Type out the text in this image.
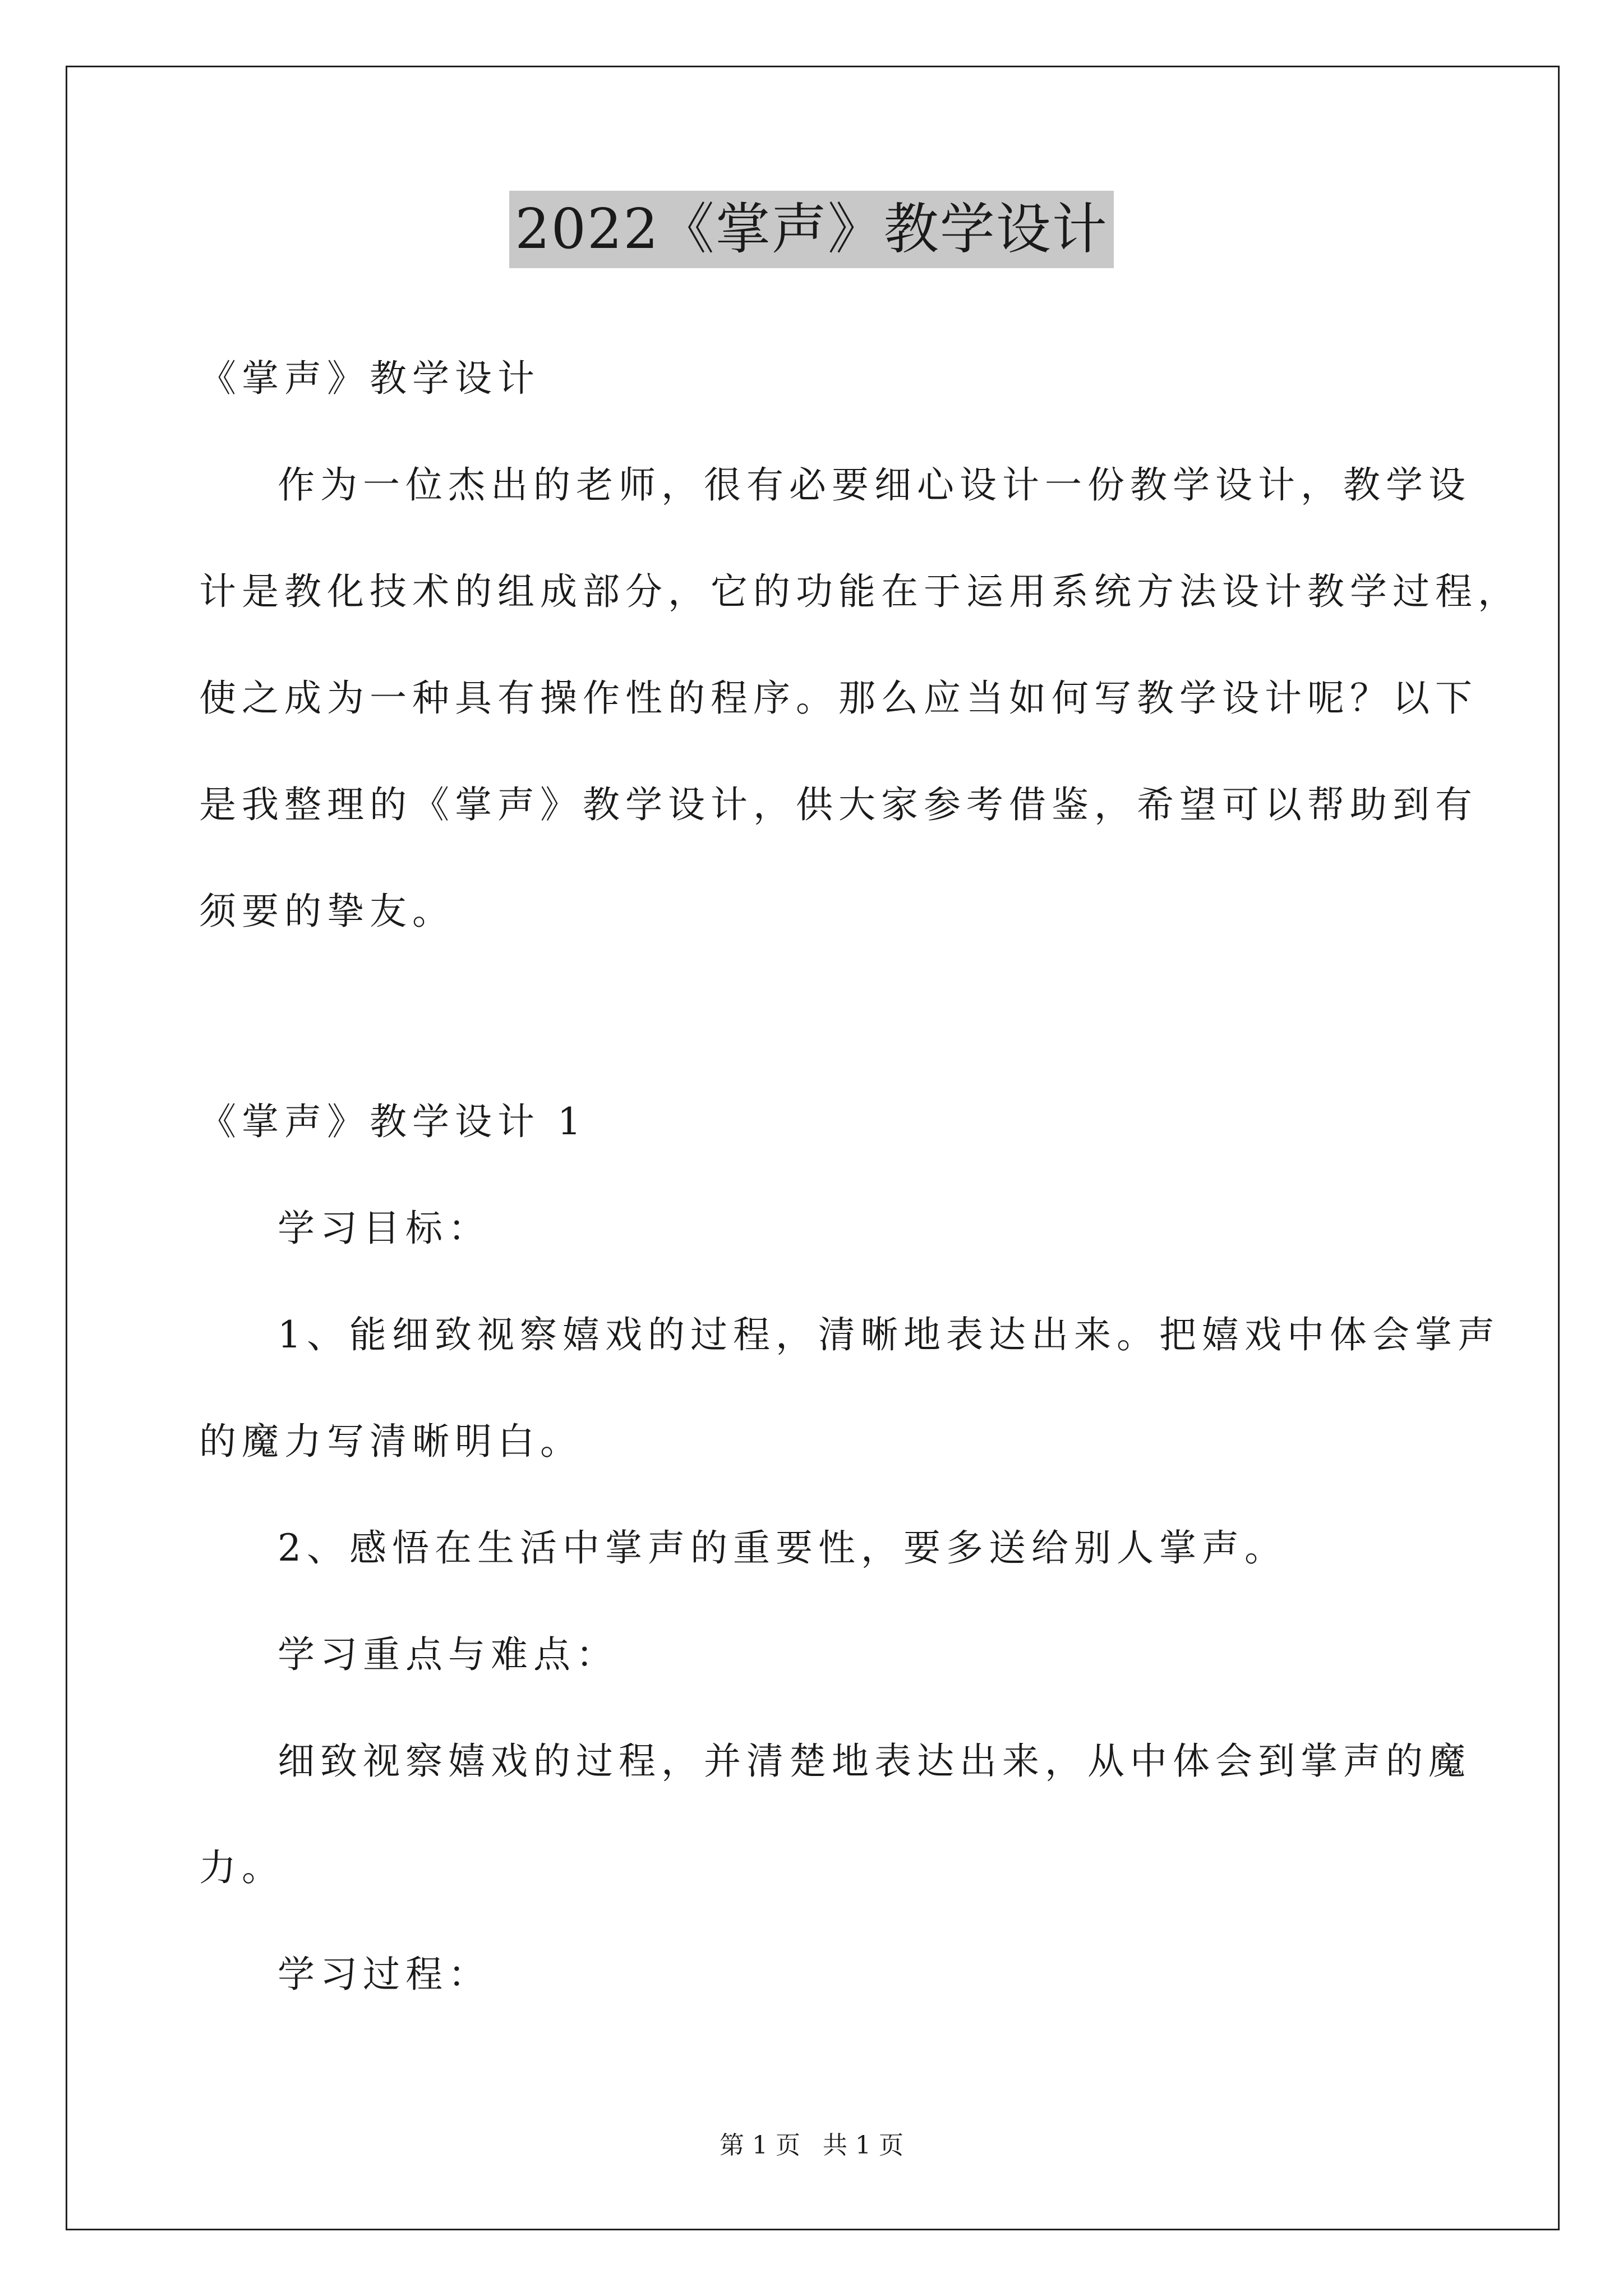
2022《掌声》教学设计
《掌声》教学设计
作为一位杰出的老师，很有必要细心设计一份教学设计，教学设
计是教化技术的组成部分，它的功能在于运用系统方法设计教学过程，
使之成为一种具有操作性的程序。那么应当如何写教学设计呢？以下
是我整理的《掌声》教学设计，供大家参考借鉴，希望可以帮助到有
须要的挚友。
《掌声》教学设计 1
学习目标：
1、能细致视察嬉戏的过程，清晰地表达出来。把嬉戏中体会掌声
的魔力写清晰明白。
2、感悟在生活中掌声的重要性，要多送给别人掌声。
学习重点与难点：
细致视察嬉戏的过程，并清楚地表达出来，从中体会到掌声的魔
力。
学习过程：
第 1 页 共 1 页
